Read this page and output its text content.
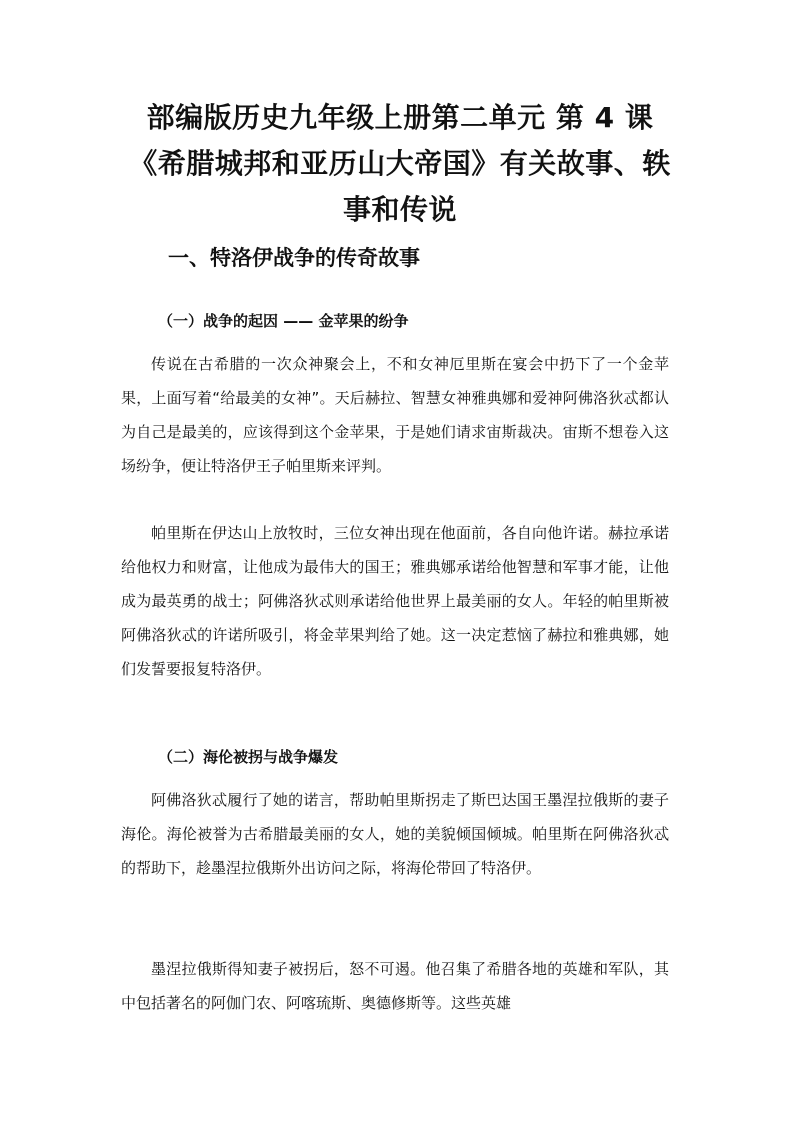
部编版历史九年级上册第二单元 第 4 课《希腊城邦和亚历山大帝国》有关故事、轶事和传说
一、特洛伊战争的传奇故事
（一）战争的起因 —— 金苹果的纷争

传说在古希腊的一次众神聚会上，不和女神厄里斯在宴会中扔下了一个金苹果，上面写着“给最美的女神”。天后赫拉、智慧女神雅典娜和爱神阿佛洛狄忒都认为自己是最美的，应该得到这个金苹果，于是她们请求宙斯裁决。宙斯不想卷入这场纷争，便让特洛伊王子帕里斯来评判。

帕里斯在伊达山上放牧时，三位女神出现在他面前，各自向他许诺。赫拉承诺给他权力和财富，让他成为最伟大的国王；雅典娜承诺给他智慧和军事才能，让他成为最英勇的战士；阿佛洛狄忒则承诺给他世界上最美丽的女人。年轻的帕里斯被阿佛洛狄忒的许诺所吸引，将金苹果判给了她。这一决定惹恼了赫拉和雅典娜，她们发誓要报复特洛伊。

（二）海伦被拐与战争爆发

阿佛洛狄忒履行了她的诺言，帮助帕里斯拐走了斯巴达国王墨涅拉俄斯的妻子海伦。海伦被誉为古希腊最美丽的女人，她的美貌倾国倾城。帕里斯在阿佛洛狄忒的帮助下，趁墨涅拉俄斯外出访问之际，将海伦带回了特洛伊。

墨涅拉俄斯得知妻子被拐后，怒不可遏。他召集了希腊各地的英雄和军队，其中包括著名的阿伽门农、阿喀琉斯、奥德修斯等。这些英雄
